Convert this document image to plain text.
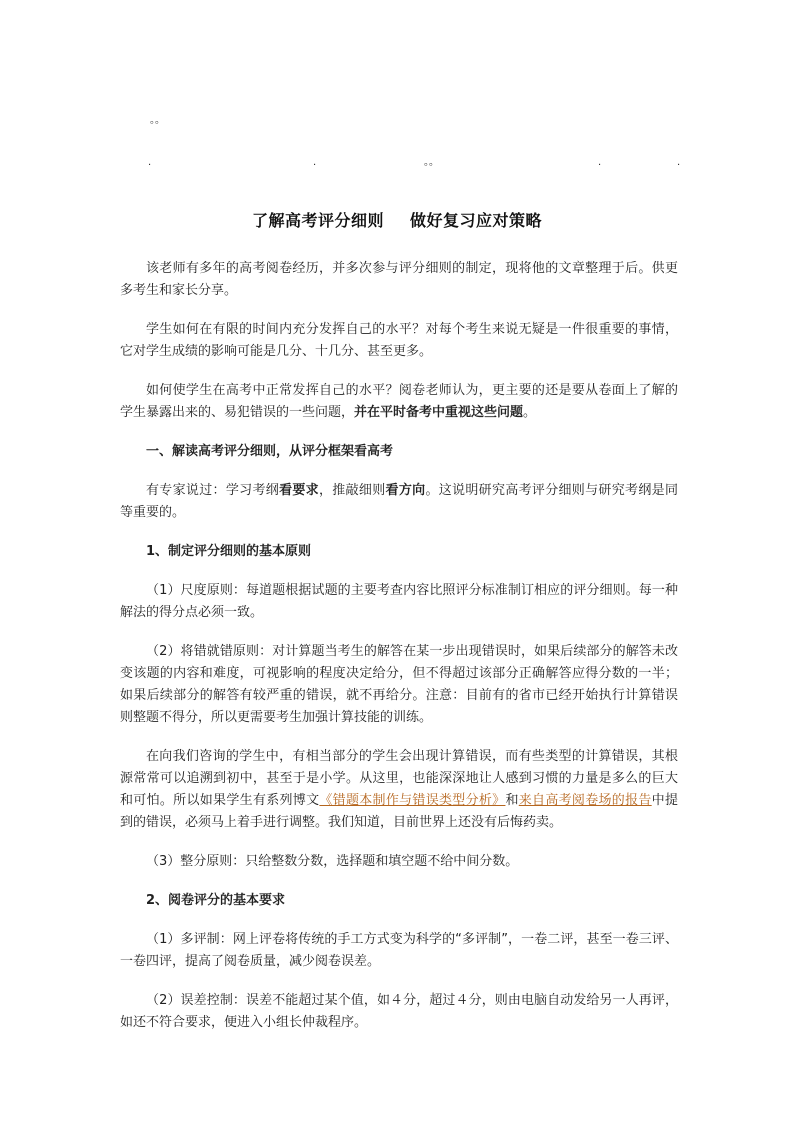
。。
.	.	。。	.	.
了解高考评分细则 做好复习应对策略

该老师有多年的高考阅卷经历，并多次参与评分细则的制定，现将他的文章整理于后。供更多考生和家长分享。

学生如何在有限的时间内充分发挥自己的水平？对每个考生来说无疑是一件很重要的事情，它对学生成绩的影响可能是几分、十几分、甚至更多。

如何使学生在高考中正常发挥自己的水平？阅卷老师认为，更主要的还是要从卷面上了解的学生暴露出来的、易犯错误的一些问题，并在平时备考中重视这些问题。

一、解读高考评分细则，从评分框架看高考

有专家说过：学习考纲看要求，推敲细则看方向。这说明研究高考评分细则与研究考纲是同等重要的。

1、制定评分细则的基本原则

（1）尺度原则：每道题根据试题的主要考查内容比照评分标准制订相应的评分细则。每一种解法的得分点必须一致。

（2）将错就错原则：对计算题当考生的解答在某一步出现错误时，如果后续部分的解答未改变该题的内容和难度，可视影响的程度决定给分，但不得超过该部分正确解答应得分数的一半；如果后续部分的解答有较严重的错误，就不再给分。注意：目前有的省市已经开始执行计算错误则整题不得分，所以更需要考生加强计算技能的训练。

在向我们咨询的学生中，有相当部分的学生会出现计算错误，而有些类型的计算错误，其根源常常可以追溯到初中，甚至于是小学。从这里，也能深深地让人感到习惯的力量是多么的巨大和可怕。所以如果学生有系列博文《错题本制作与错误类型分析》和来自高考阅卷场的报告中提到的错误，必须马上着手进行调整。我们知道，目前世界上还没有后悔药卖。

（3）整分原则：只给整数分数，选择题和填空题不给中间分数。

2、阅卷评分的基本要求

（1）多评制：网上评卷将传统的手工方式变为科学的“多评制”，一卷二评，甚至一卷三评、一卷四评，提高了阅卷质量，减少阅卷误差。

（2）误差控制：误差不能超过某个值，如４分，超过４分，则由电脑自动发给另一人再评，如还不符合要求，便进入小组长仲裁程序。
